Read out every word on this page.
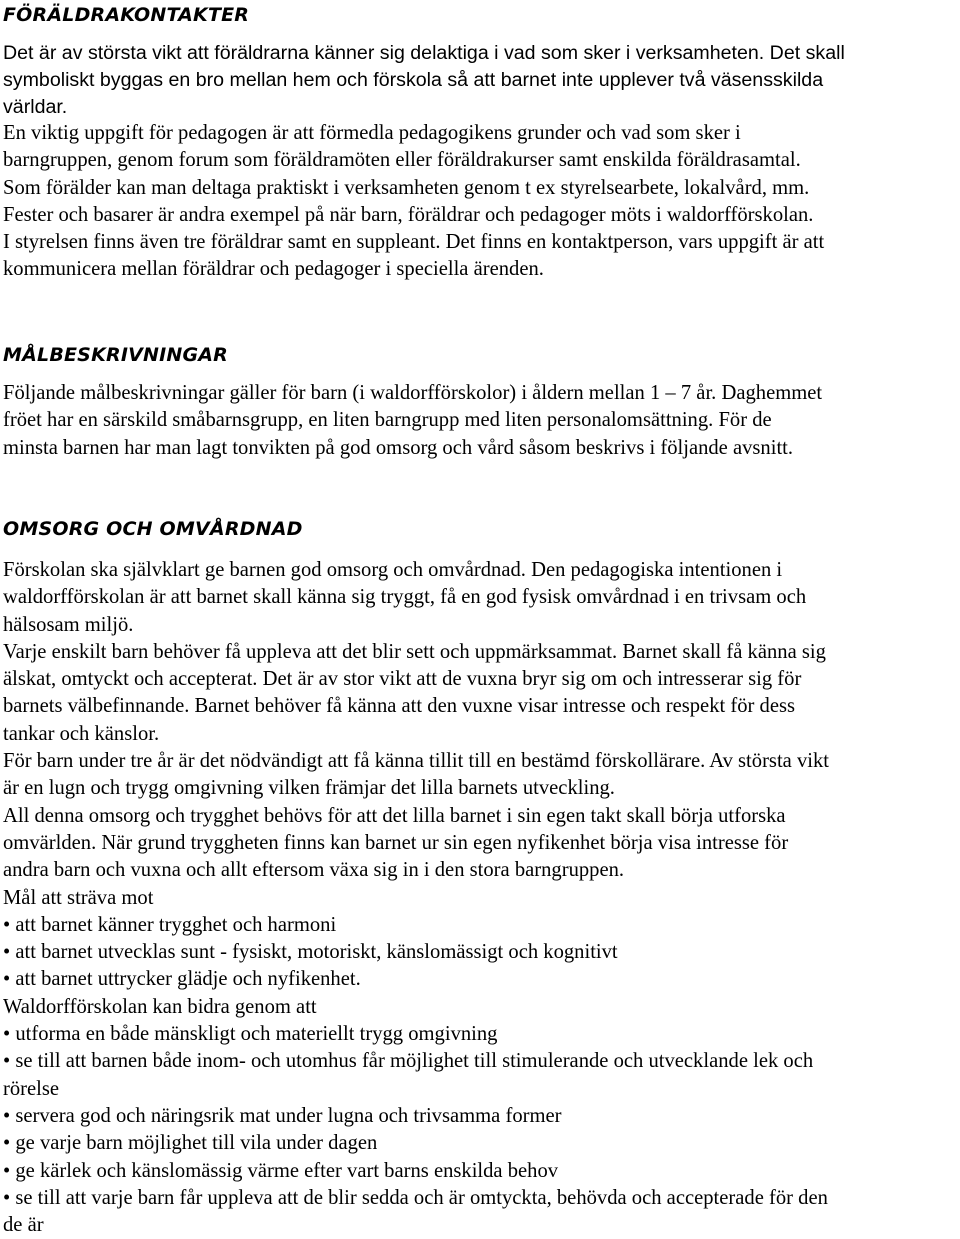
FÖRÄLDRAKONTAKTER
Det är av största vikt att föräldrarna känner sig delaktiga i vad som sker i verksamheten. Det skall
symboliskt byggas en bro mellan hem och förskola så att barnet inte upplever två väsensskilda
världar.
En viktig uppgift för pedagogen är att förmedla pedagogikens grunder och vad som sker i
barngruppen, genom forum som föräldramöten eller föräldrakurser samt enskilda föräldrasamtal.
Som förälder kan man deltaga praktiskt i verksamheten genom t ex styrelsearbete, lokalvård, mm.
Fester och basarer är andra exempel på när barn, föräldrar och pedagoger möts i waldorfförskolan.
I styrelsen finns även tre föräldrar samt en suppleant. Det finns en kontaktperson, vars uppgift är att
kommunicera mellan föräldrar och pedagoger i speciella ärenden.
MÅLBESKRIVNINGAR
Följande målbeskrivningar gäller för barn (i waldorfförskolor) i åldern mellan 1 – 7 år. Daghemmet
fröet har en särskild småbarnsgrupp, en liten barngrupp med liten personalomsättning. För de
minsta barnen har man lagt tonvikten på god omsorg och vård såsom beskrivs i följande avsnitt.
OMSORG OCH OMVÅRDNAD
Förskolan ska självklart ge barnen god omsorg och omvårdnad. Den pedagogiska intentionen i
waldorfförskolan är att barnet skall känna sig tryggt, få en god fysisk omvårdnad i en trivsam och
hälsosam miljö.
Varje enskilt barn behöver få uppleva att det blir sett och uppmärksammat. Barnet skall få känna sig
älskat, omtyckt och accepterat. Det är av stor vikt att de vuxna bryr sig om och intresserar sig för
barnets välbefinnande. Barnet behöver få känna att den vuxne visar intresse och respekt för dess
tankar och känslor.
För barn under tre år är det nödvändigt att få känna tillit till en bestämd förskollärare. Av största vikt
är en lugn och trygg omgivning vilken främjar det lilla barnets utveckling.
All denna omsorg och trygghet behövs för att det lilla barnet i sin egen takt skall börja utforska
omvärlden. När grund tryggheten finns kan barnet ur sin egen nyfikenhet börja visa intresse för
andra barn och vuxna och allt eftersom växa sig in i den stora barngruppen.
Mål att sträva mot
• att barnet känner trygghet och harmoni
• att barnet utvecklas sunt - fysiskt, motoriskt, känslomässigt och kognitivt
• att barnet uttrycker glädje och nyfikenhet.
Waldorfförskolan kan bidra genom att
• utforma en både mänskligt och materiellt trygg omgivning
• se till att barnen både inom- och utomhus får möjlighet till stimulerande och utvecklande lek och
rörelse
• servera god och näringsrik mat under lugna och trivsamma former
• ge varje barn möjlighet till vila under dagen
• ge kärlek och känslomässig värme efter vart barns enskilda behov
• se till att varje barn får uppleva att de blir sedda och är omtyckta, behövda och accepterade för den
de är
